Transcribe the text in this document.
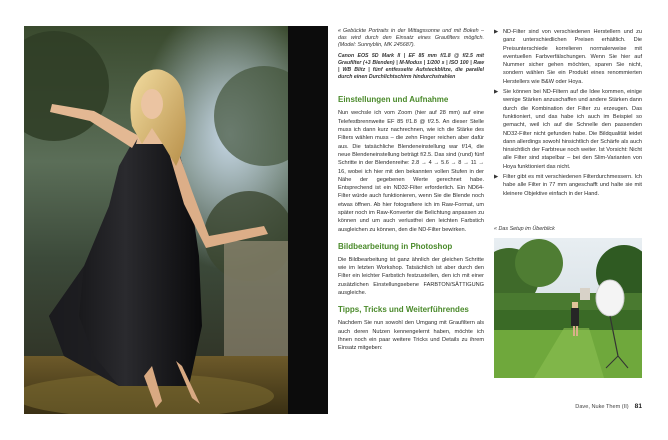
« Gebückte Portraits in der Mittagssonne und mit Bokeh – das wird durch den Einsatz eines Graufilters möglich. (Model: Sunnyblin, MK 245687).
Canon EOS 5D Mark II | EF 85 mm f/1.8 @ f/2.5 mit Graufilter (+3 Blenden) | M-Modus | 1/200 s | ISO 100 | Raw | WB Blitz | fünf entfesselte Aufsteckblitze, die parallel durch einen Durchlichtschirm hindurchstrahlen
Einstellungen und Aufnahme

Nun wechsle ich vom Zoom (hier auf 28 mm) auf eine Telefestbrennweite EF 85 f/1.8 @ f/2.5. An dieser Stelle muss ich dann kurz nachrechnen, wie ich die Stärke des Filters wählen muss – die zehn Finger reichen aber dafür aus. Die tatsächliche Blendeneinstellung war f/14, die neue Blendeneinstellung beträgt f/2.5. Das sind (rund) fünf Schritte in der Blendenreihe: 2.8 → 4 → 5.6 → 8 → 11 → 16, wobei ich hier mit den bekannten vollen Stufen in der Nähe der gegebenen Werte gerechnet habe. Entsprechend ist ein ND32-Filter erforderlich. Ein ND64-Filter würde auch funktionieren, wenn Sie die Blende noch etwas öffnen. Ab hier fotografiere ich im Raw-Format, um später noch im Raw-Konverter die Belichtung anpassen zu können und um auch verlustfrei den leichten Farbstich ausgleichen zu können, den die ND-Filter bewirken.

Bildbearbeitung in Photoshop

Die Bildbearbeitung ist ganz ähnlich der gleichen Schritte wie im letzten Workshop. Tatsächlich ist aber durch den Filter ein leichter Farbstich festzustellen, den ich mit einer zusätzlichen Einstellungsebene FARBTON/SÄTTIGUNG ausgleiche.

Tipps, Tricks und Weiterführendes

Nachdem Sie nun sowohl den Umgang mit Graufiltern als auch deren Nutzen kennengelernt haben, möchte ich Ihnen noch ein paar weitere Tricks und Details zu ihrem Einsatz mitgeben:

▶ ND-Filter sind von verschiedenen Herstellern und zu ganz unterschiedlichen Preisen erhältlich. Die Preisunterschiede korrelieren normalerweise mit eventuellen Farbverfälschungen. Wenn Sie hier auf Nummer sicher gehen möchten, sparen Sie nicht, sondern wählen Sie ein Produkt eines renommierten Herstellers wie B&W oder Hoya.
▶ Sie können bei ND-Filtern auf die Idee kommen, einige wenige Stärken anzuschaffen und andere Stärken dann durch die Kombination der Filter zu erzeugen. Das funktioniert, und das habe ich auch im Beispiel so gemacht, weil ich auf die Schnelle den passenden ND32-Filter nicht gefunden habe. Die Bildqualität leidet dann allerdings sowohl hinsichtlich der Schärfe als auch hinsichtlich der Farbtreue noch weiter. Ist Vorsicht: Nicht alle Filter sind stapelbar – bei den Slim-Varianten von Hoya funktioniert das nicht.
▶ Filter gibt es mit verschiedenen Filterdurchmessern. Ich habe alle Filter in 77 mm angeschafft und halte sie mit kleinere Objektive einfach in der Hand.
« Das Setup im Überblick
Dave, Nuke Them (II) 81
